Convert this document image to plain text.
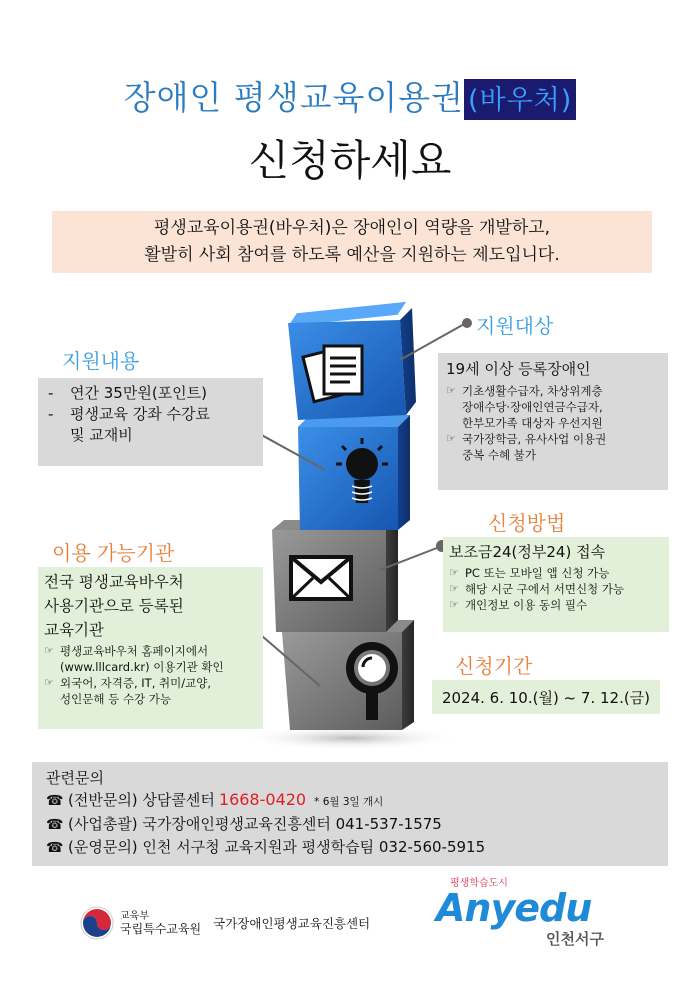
장애인 평생교육이용권 (바우처)
신청하세요
평생교육이용권(바우처)은 장애인이 역량을 개발하고,
활발히 사회 참여를 하도록 예산을 지원하는 제도입니다.
지원내용
-	연간 35만원(포인트)
-	평생교육 강좌 수강료
및 교재비
지원대상
19세 이상 등록장애인
☞ 기초생활수급자, 차상위계층
장애수당·장애인연금수급자,
한부모가족 대상자 우선지원
☞ 국가장학금, 유사사업 이용권
중복 수혜 불가
신청방법
보조금24(정부24) 접속
☞ PC 또는 모바일 앱 신청 가능
☞ 해당 시군 구에서 서면신청 가능
☞ 개인정보 이용 동의 필수
신청기간
2024. 6. 10.(월) ~ 7. 12.(금)
이용 가능기관
전국 평생교육바우처
사용기관으로 등록된
교육기관
☞ 평생교육바우처 홈페이지에서
(www.lllcard.kr) 이용기관 확인
☞ 외국어, 자격증, IT, 취미/교양,
성인문해 등 수강 가능
관련문의
☎ (전반문의) 상담콜센터 1668-0420 * 6월 3일 개시
☎ (사업총괄) 국가장애인평생교육진흥센터 041-537-1575
☎ (운영문의) 인천 서구청 교육지원과 평생학습팀 032-560-5915
교육부
국립특수교육원 국가장애인평생교육진흥센터
평생학습도시
Anyedu
인천서구
